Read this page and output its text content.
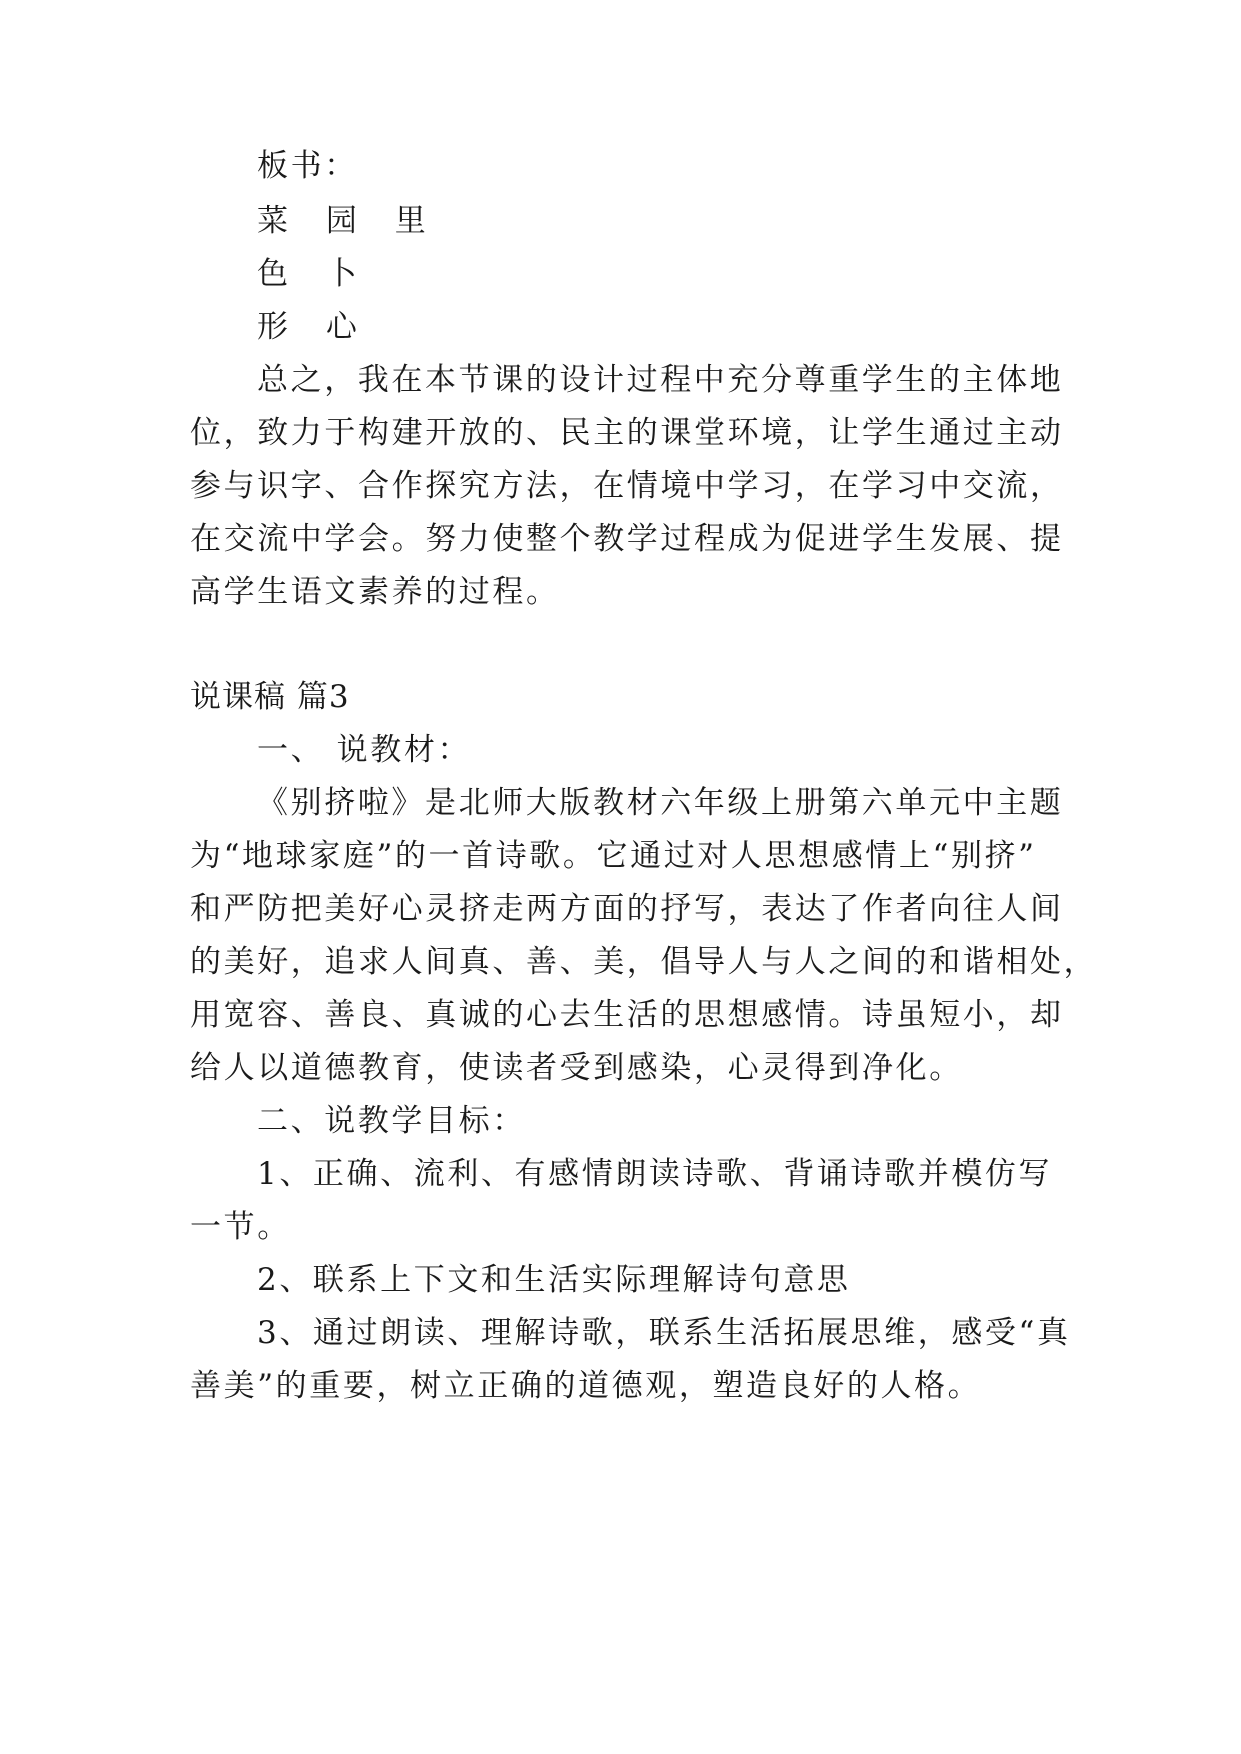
板书：
菜 园 里
色 卜
形 心
总之，我在本节课的设计过程中充分尊重学生的主体地
位，致力于构建开放的、民主的课堂环境，让学生通过主动
参与识字、合作探究方法，在情境中学习，在学习中交流，
在交流中学会。努力使整个教学过程成为促进学生发展、提
高学生语文素养的过程。
说课稿 篇3
一、 说教材：
《别挤啦》是北师大版教材六年级上册第六单元中主题
为“地球家庭”的一首诗歌。它通过对人思想感情上“别挤”
和严防把美好心灵挤走两方面的抒写，表达了作者向往人间
的美好，追求人间真、善、美，倡导人与人之间的和谐相处，
用宽容、善良、真诚的心去生活的思想感情。诗虽短小，却
给人以道德教育，使读者受到感染，心灵得到净化。
二、说教学目标：
1、正确、流利、有感情朗读诗歌、背诵诗歌并模仿写
一节。
2、联系上下文和生活实际理解诗句意思
3、通过朗读、理解诗歌，联系生活拓展思维，感受“真
善美”的重要，树立正确的道德观，塑造良好的人格。
